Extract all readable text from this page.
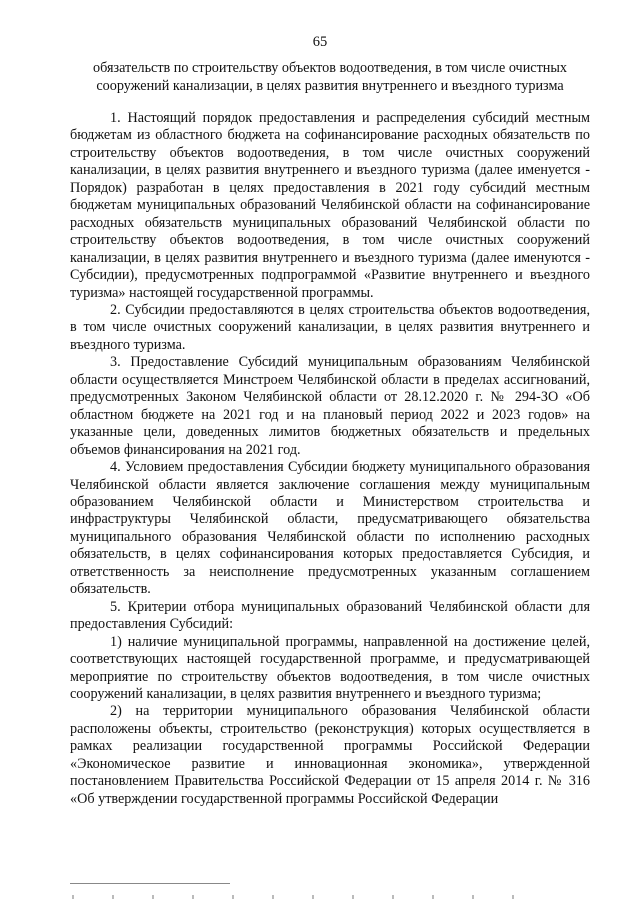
65
обязательств по строительству объектов водоотведения, в том числе очистных сооружений канализации, в целях развития внутреннего и въездного туризма

1. Настоящий порядок предоставления и распределения субсидий местным бюджетам из областного бюджета на софинансирование расходных обязательств по строительству объектов водоотведения, в том числе очистных сооружений канализации, в целях развития внутреннего и въездного туризма (далее именуется - Порядок) разработан в целях предоставления в 2021 году субсидий местным бюджетам муниципальных образований Челябинской области на софинансирование расходных обязательств муниципальных образований Челябинской области по строительству объектов водоотведения, в том числе очистных сооружений канализации, в целях развития внутреннего и въездного туризма (далее именуются - Субсидии), предусмотренных подпрограммой «Развитие внутреннего и въездного туризма» настоящей государственной программы.

2. Субсидии предоставляются в целях строительства объектов водоотведения, в том числе очистных сооружений канализации, в целях развития внутреннего и въездного туризма.

3. Предоставление Субсидий муниципальным образованиям Челябинской области осуществляется Минстроем Челябинской области в пределах ассигнований, предусмотренных Законом Челябинской области от 28.12.2020 г. № 294-ЗО «Об областном бюджете на 2021 год и на плановый период 2022 и 2023 годов» на указанные цели, доведенных лимитов бюджетных обязательств и предельных объемов финансирования на 2021 год.

4. Условием предоставления Субсидии бюджету муниципального образования Челябинской области является заключение соглашения между муниципальным образованием Челябинской области и Министерством строительства и инфраструктуры Челябинской области, предусматривающего обязательства муниципального образования Челябинской области по исполнению расходных обязательств, в целях софинансирования которых предоставляется Субсидия, и ответственность за неисполнение предусмотренных указанным соглашением обязательств.

5. Критерии отбора муниципальных образований Челябинской области для предоставления Субсидий:

1) наличие муниципальной программы, направленной на достижение целей, соответствующих настоящей государственной программе, и предусматривающей мероприятие по строительству объектов водоотведения, в том числе очистных сооружений канализации, в целях развития внутреннего и въездного туризма;

2) на территории муниципального образования Челябинской области расположены объекты, строительство (реконструкция) которых осуществляется в рамках реализации государственной программы Российской Федерации «Экономическое развитие и инновационная экономика», утвержденной постановлением Правительства Российской Федерации от 15 апреля 2014 г. № 316 «Об утверждении государственной программы Российской Федерации
